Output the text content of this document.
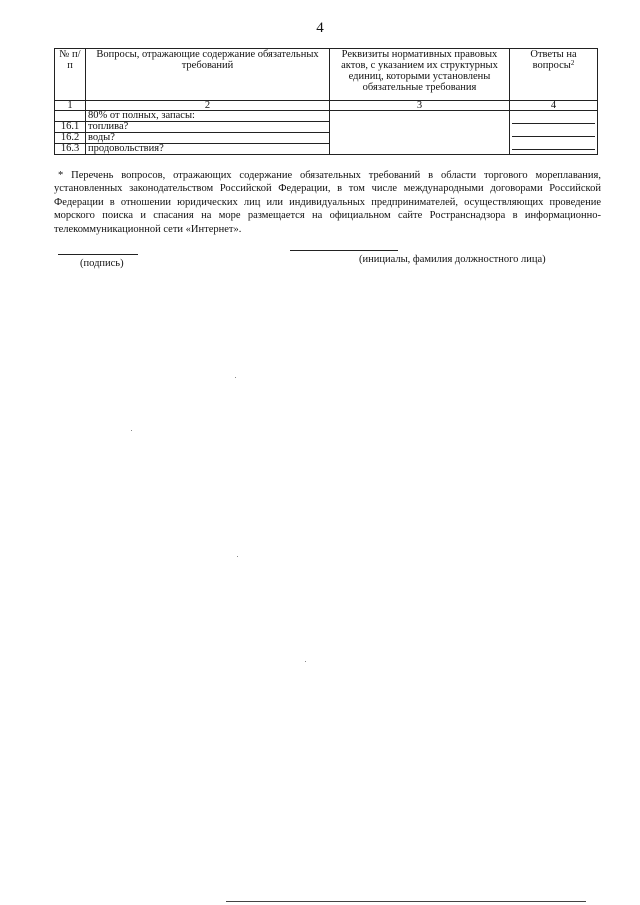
4
№ п/п	Вопросы, отражающие содержание обязательных требований	Реквизиты нормативных правовых актов, с указанием их структурных единиц, которыми установлены обязательные требования	Ответы на вопросы$^2$
1	2	3	4
	80% от полных, запасы:		

16.1	топлива?		
16.2	воды?		
16.3	продовольствия?		
* Перечень вопросов, отражающих содержание обязательных требований в области торгового мореплавания, установленных законодательством Российской Федерации, в том числе международными договорами Российской Федерации в отношении юридических лиц или индивидуальных предпринимателей, осуществляющих проведение морского поиска и спасания на море размещается на официальном сайте Ространснадзора в информационно-телекоммуникационной сети «Интернет».
(подпись)	(инициалы, фамилия должностного лица)
